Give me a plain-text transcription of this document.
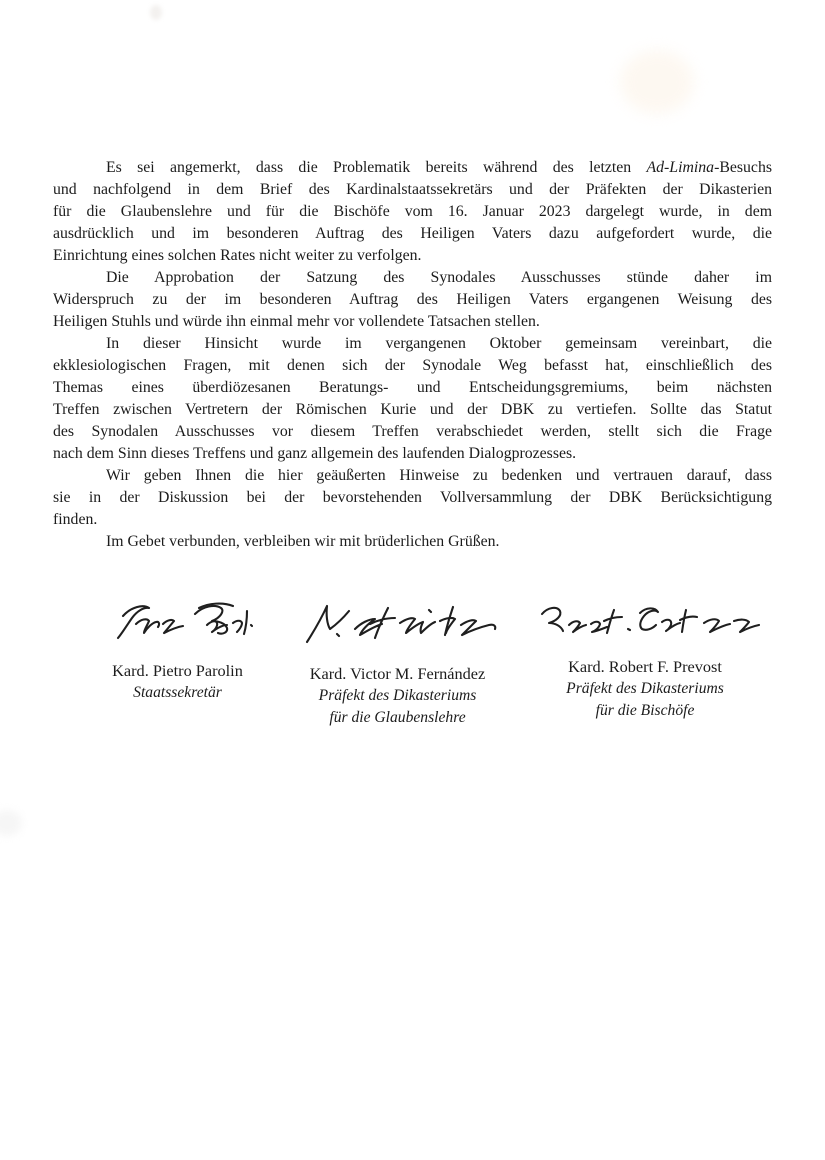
Es sei angemerkt, dass die Problematik bereits während des letzten Ad-Limina-Besuchs
und nachfolgend in dem Brief des Kardinalstaatssekretärs und der Präfekten der Dikasterien
für die Glaubenslehre und für die Bischöfe vom 16. Januar 2023 dargelegt wurde, in dem
ausdrücklich und im besonderen Auftrag des Heiligen Vaters dazu aufgefordert wurde, die
Einrichtung eines solchen Rates nicht weiter zu verfolgen.
Die Approbation der Satzung des Synodales Ausschusses stünde daher im
Widerspruch zu der im besonderen Auftrag des Heiligen Vaters ergangenen Weisung des
Heiligen Stuhls und würde ihn einmal mehr vor vollendete Tatsachen stellen.
In dieser Hinsicht wurde im vergangenen Oktober gemeinsam vereinbart, die
ekklesiologischen Fragen, mit denen sich der Synodale Weg befasst hat, einschließlich des
Themas eines überdiözesanen Beratungs- und Entscheidungsgremiums, beim nächsten
Treffen zwischen Vertretern der Römischen Kurie und der DBK zu vertiefen. Sollte das Statut
des Synodalen Ausschusses vor diesem Treffen verabschiedet werden, stellt sich die Frage
nach dem Sinn dieses Treffens und ganz allgemein des laufenden Dialogprozesses.
Wir geben Ihnen die hier geäußerten Hinweise zu bedenken und vertrauen darauf, dass
sie in der Diskussion bei der bevorstehenden Vollversammlung der DBK Berücksichtigung
finden.
Im Gebet verbunden, verbleiben wir mit brüderlichen Grüßen.
Kard. Pietro Parolin
Staatssekretär
Kard. Victor M. Fernández
Präfekt des Dikasteriums
für die Glaubenslehre
Kard. Robert F. Prevost
Präfekt des Dikasteriums
für die Bischöfe
